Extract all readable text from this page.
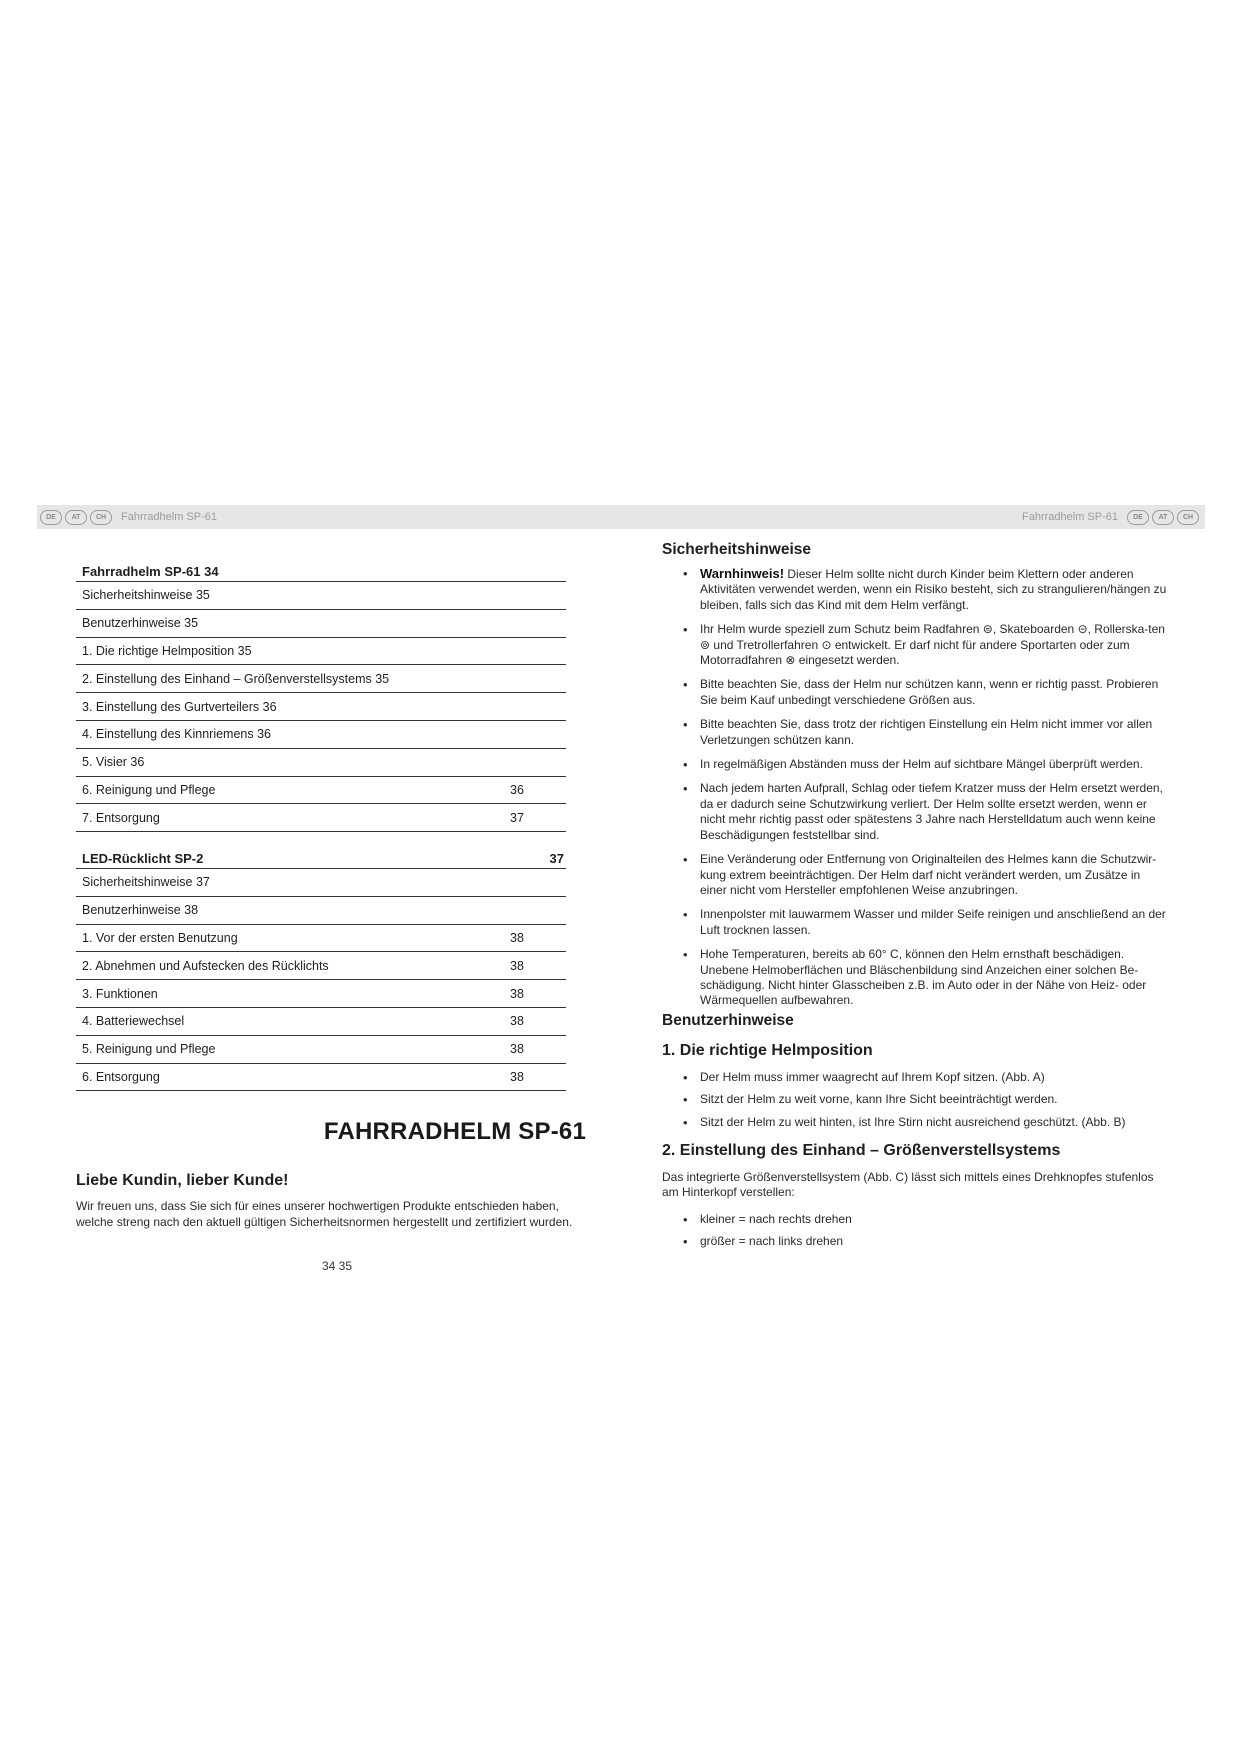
DE	AT	CH	Fahrradhelm SP-61	Fahrradhelm SP-61	DE	AT	CH
Fahrradhelm SP-61 34
Sicherheitshinweise 35
Benutzerhinweise 35
1. Die richtige Helmposition 35
2. Einstellung des Einhand – Größenverstellsystems 35
3. Einstellung des Gurtverteilers 36
4. Einstellung des Kinnriemens 36
5. Visier 36
6. Reinigung und Pflege	36
7. Entsorgung	37
LED-Rücklicht SP-2	37
Sicherheitshinweise 37
Benutzerhinweise 38
1. Vor der ersten Benutzung	38
2. Abnehmen und Aufstecken des Rücklichts	38
3. Funktionen	38
4. Batteriewechsel	38
5. Reinigung und Pflege	38
6. Entsorgung	38
FAHRRADHELM SP-61
Liebe Kundin, lieber Kunde!
Wir freuen uns, dass Sie sich für eines unserer hochwertigen Produkte entschieden haben, welche streng nach den aktuell gültigen Sicherheitsnormen hergestellt und zertifiziert wurden.
34 35
Sicherheitshinweise
• Warnhinweis! Dieser Helm sollte nicht durch Kinder beim Klettern oder anderen Aktivitäten verwendet werden, wenn ein Risiko besteht, sich zu strangulieren/hängen zu bleiben, falls sich das Kind mit dem Helm verfängt.
• Ihr Helm wurde speziell zum Schutz beim Radfahren ⊜, Skateboarden ⊝, Rollerska-ten ⊚ und Tretrollerfahren ⊙ entwickelt. Er darf nicht für andere Sportarten oder zum Motorradfahren ⊗ eingesetzt werden.
• Bitte beachten Sie, dass der Helm nur schützen kann, wenn er richtig passt. Probieren Sie beim Kauf unbedingt verschiedene Größen aus.
• Bitte beachten Sie, dass trotz der richtigen Einstellung ein Helm nicht immer vor allen Verletzungen schützen kann.
• In regelmäßigen Abständen muss der Helm auf sichtbare Mängel überprüft werden.
• Nach jedem harten Aufprall, Schlag oder tiefem Kratzer muss der Helm ersetzt werden, da er dadurch seine Schutzwirkung verliert. Der Helm sollte ersetzt werden, wenn er nicht mehr richtig passt oder spätestens 3 Jahre nach Herstelldatum auch wenn keine Beschädigungen feststellbar sind.
• Eine Veränderung oder Entfernung von Originalteilen des Helmes kann die Schutzwir-kung extrem beeinträchtigen. Der Helm darf nicht verändert werden, um Zusätze in einer nicht vom Hersteller empfohlenen Weise anzubringen.
• Innenpolster mit lauwarmem Wasser und milder Seife reinigen und anschließend an der Luft trocknen lassen.
• Hohe Temperaturen, bereits ab 60° C, können den Helm ernsthaft beschädigen. Unebene Helmoberflächen und Bläschenbildung sind Anzeichen einer solchen Be-schädigung. Nicht hinter Glasscheiben z.B. im Auto oder in der Nähe von Heiz- oder Wärmequellen aufbewahren.
Benutzerhinweise
1. Die richtige Helmposition
• Der Helm muss immer waagrecht auf Ihrem Kopf sitzen. (Abb. A)
• Sitzt der Helm zu weit vorne, kann Ihre Sicht beeinträchtigt werden.
• Sitzt der Helm zu weit hinten, ist Ihre Stirn nicht ausreichend geschützt. (Abb. B)
2. Einstellung des Einhand – Größenverstellsystems
Das integrierte Größenverstellsystem (Abb. C) lässt sich mittels eines Drehknopfes stufenlos am Hinterkopf verstellen:
• kleiner = nach rechts drehen
• größer = nach links drehen
